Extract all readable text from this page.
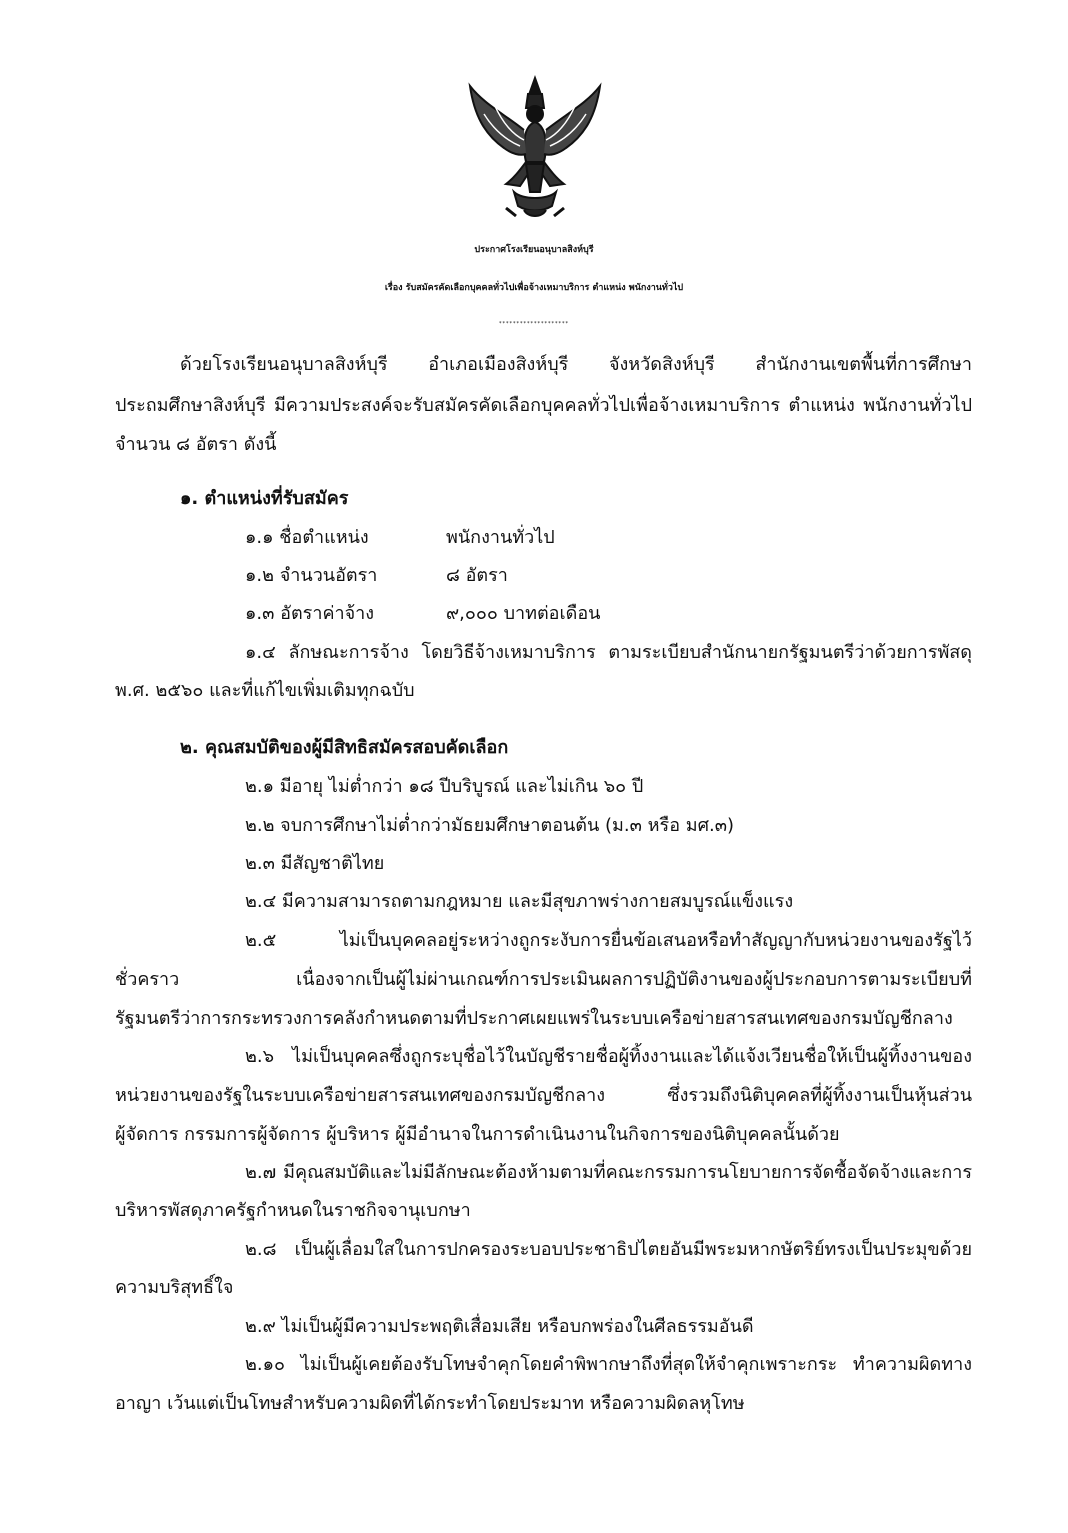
ประกาศโรงเรียนอนุบาลสิงห์บุรี
เรื่อง รับสมัครคัดเลือกบุคคลทั่วไปเพื่อจ้างเหมาบริการ ตำแหน่ง พนักงานทั่วไป
********************
ด้วยโรงเรียนอนุบาลสิงห์บุรี อำเภอเมืองสิงห์บุรี จังหวัดสิงห์บุรี สำนักงานเขตพื้นที่การศึกษา
ประถมศึกษาสิงห์บุรี มีความประสงค์จะรับสมัครคัดเลือกบุคคลทั่วไปเพื่อจ้างเหมาบริการ ตำแหน่ง พนักงานทั่วไป
จำนวน ๘ อัตรา ดังนี้
๑. ตำแหน่งที่รับสมัคร
๑.๑ ชื่อตำแหน่ง	พนักงานทั่วไป
๑.๒ จำนวนอัตรา	๘ อัตรา
๑.๓ อัตราค่าจ้าง	๙,๐๐๐ บาทต่อเดือน
๑.๔ ลักษณะการจ้าง โดยวิธีจ้างเหมาบริการ ตามระเบียบสำนักนายกรัฐมนตรีว่าด้วยการพัสดุ
พ.ศ. ๒๕๖๐ และที่แก้ไขเพิ่มเติมทุกฉบับ
๒. คุณสมบัติของผู้มีสิทธิสมัครสอบคัดเลือก
๒.๑ มีอายุ ไม่ต่ำกว่า ๑๘ ปีบริบูรณ์ และไม่เกิน ๖๐ ปี
๒.๒ จบการศึกษาไม่ต่ำกว่ามัธยมศึกษาตอนต้น (ม.๓ หรือ มศ.๓)
๒.๓ มีสัญชาติไทย
๒.๔ มีความสามารถตามกฎหมาย และมีสุขภาพร่างกายสมบูรณ์แข็งแรง
๒.๕ ไม่เป็นบุคคลอยู่ระหว่างถูกระงับการยื่นข้อเสนอหรือทำสัญญากับหน่วยงานของรัฐไว้
ชั่วคราว เนื่องจากเป็นผู้ไม่ผ่านเกณฑ์การประเมินผลการปฏิบัติงานของผู้ประกอบการตามระเบียบที่
รัฐมนตรีว่าการกระทรวงการคลังกำหนดตามที่ประกาศเผยแพร่ในระบบเครือข่ายสารสนเทศของกรมบัญชีกลาง
๒.๖ ไม่เป็นบุคคลซึ่งถูกระบุชื่อไว้ในบัญชีรายชื่อผู้ทิ้งงานและได้แจ้งเวียนชื่อให้เป็นผู้ทิ้งงานของ
หน่วยงานของรัฐในระบบเครือข่ายสารสนเทศของกรมบัญชีกลาง ซึ่งรวมถึงนิติบุคคลที่ผู้ทิ้งงานเป็นหุ้นส่วน
ผู้จัดการ กรรมการผู้จัดการ ผู้บริหาร ผู้มีอำนาจในการดำเนินงานในกิจการของนิติบุคคลนั้นด้วย
๒.๗ มีคุณสมบัติและไม่มีลักษณะต้องห้ามตามที่คณะกรรมการนโยบายการจัดซื้อจัดจ้างและการ
บริหารพัสดุภาครัฐกำหนดในราชกิจจานุเบกษา
๒.๘ เป็นผู้เลื่อมใสในการปกครองระบอบประชาธิปไตยอันมีพระมหากษัตริย์ทรงเป็นประมุขด้วย
ความบริสุทธิ์ใจ
๒.๙ ไม่เป็นผู้มีความประพฤติเสื่อมเสีย หรือบกพร่องในศีลธรรมอันดี
๒.๑๐ ไม่เป็นผู้เคยต้องรับโทษจำคุกโดยคำพิพากษาถึงที่สุดให้จำคุกเพราะกระ ทำความผิดทาง
อาญา เว้นแต่เป็นโทษสำหรับความผิดที่ได้กระทำโดยประมาท หรือความผิดลหุโทษ
